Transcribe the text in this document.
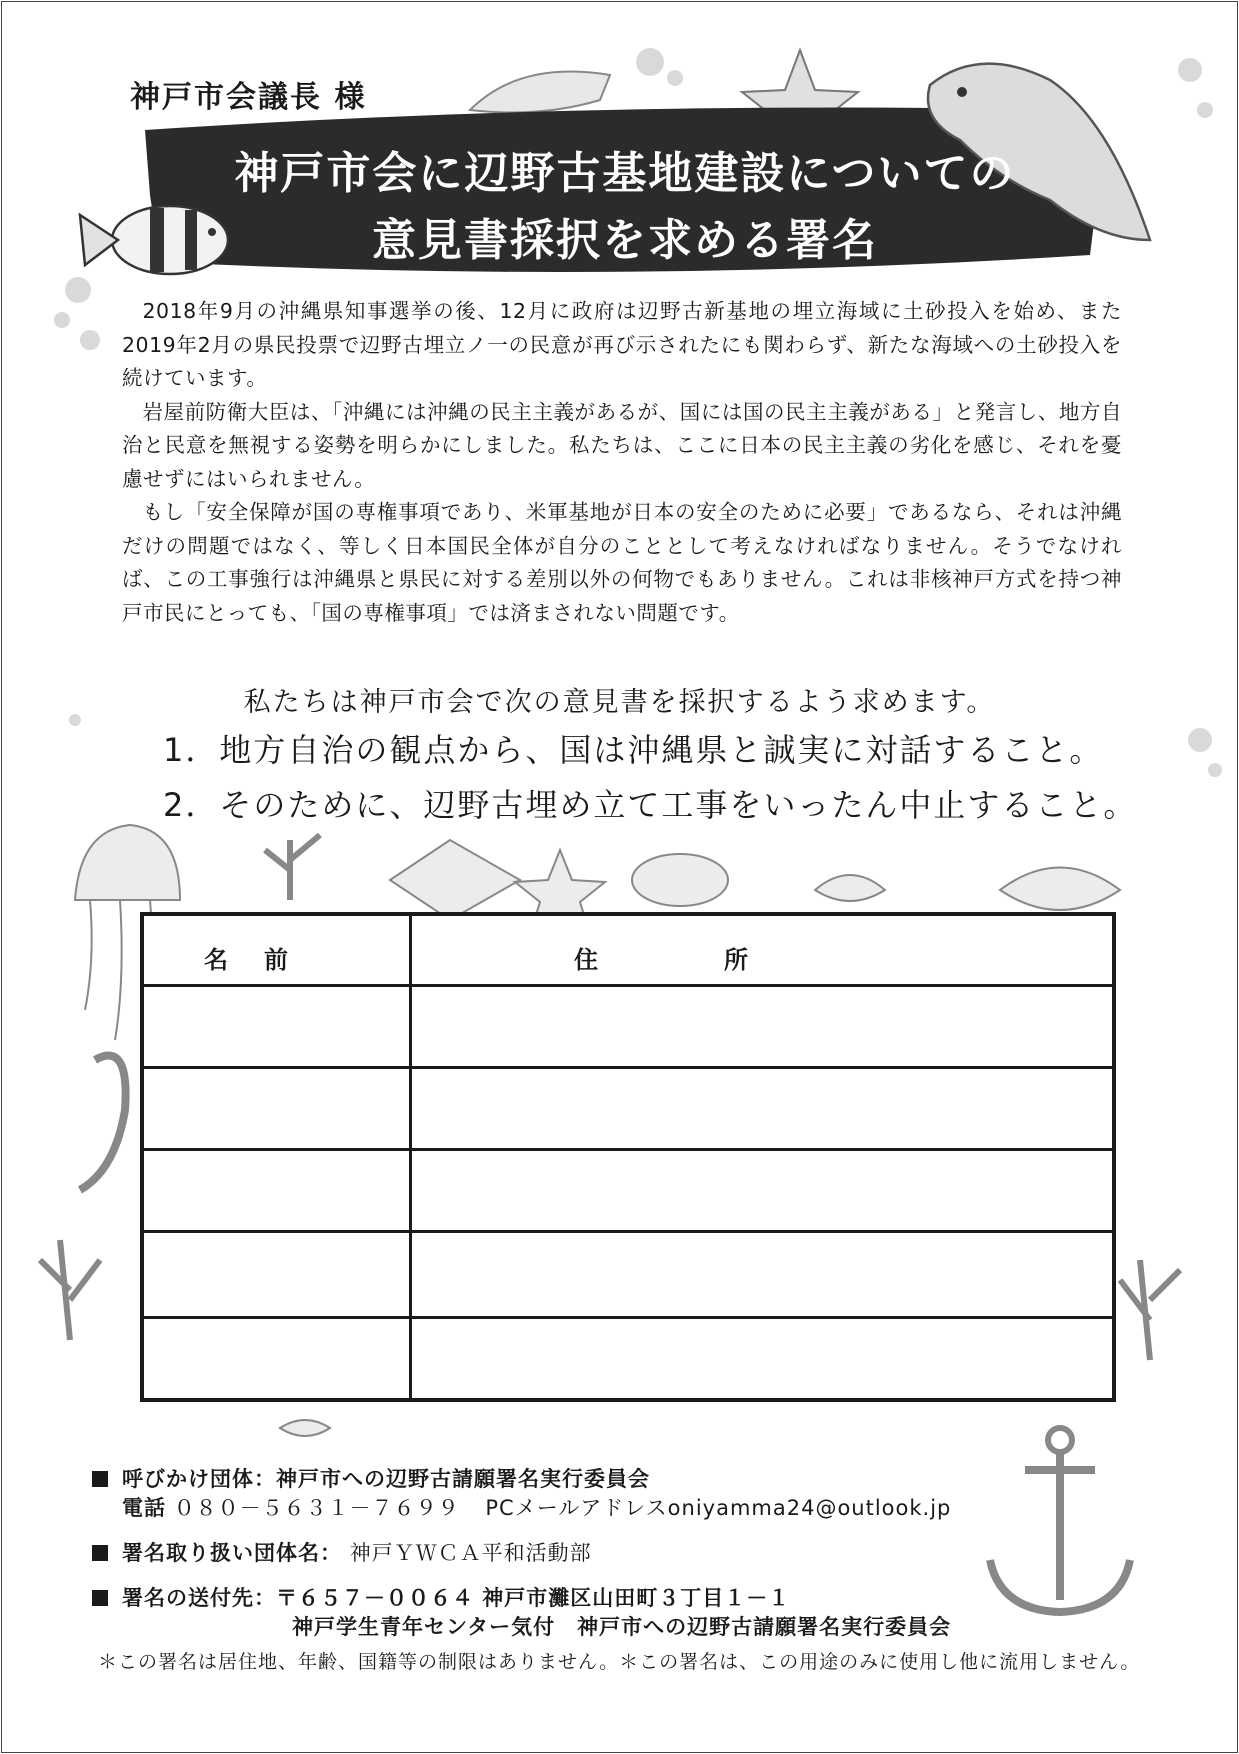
神戸市会議長 様
神戸市会に辺野古基地建設についての
意見書採択を求める署名

2018年9月の沖縄県知事選挙の後、12月に政府は辺野古新基地の埋立海域に土砂投入を始め、また2019年2月の県民投票で辺野古埋立ノ一の民意が再び示されたにも関わらず、新たな海域への土砂投入を続けています。

岩屋前防衛大臣は、「沖縄には沖縄の民主主義があるが、国には国の民主主義がある」と発言し、地方自治と民意を無視する姿勢を明らかにしました。私たちは、ここに日本の民主主義の劣化を感じ、それを憂慮せずにはいられません。

もし「安全保障が国の専権事項であり、米軍基地が日本の安全のために必要」であるなら、それは沖縄だけの問題ではなく、等しく日本国民全体が自分のこととして考えなければなりません。そうでなければ、この工事強行は沖縄県と県民に対する差別以外の何物でもありません。これは非核神戸方式を持つ神戸市民にとっても、「国の専権事項」では済まされない問題です。

私たちは神戸市会で次の意見書を採択するよう求めます。
1．地方自治の観点から、国は沖縄県と誠実に対話すること。
2．そのために、辺野古埋め立て工事をいったん中止すること。
名　前	住　　　　所
呼びかけ団体：神戸市への辺野古請願署名実行委員会
電話 ０８０－５６３１－７６９９ PCメールアドレスoniyamma24@outlook.jp
署名取り扱い団体名： 神戸ＹＷＣＡ平和活動部
署名の送付先：〒６５７－００６４ 神戸市灘区山田町３丁目１－１
神戸学生青年センター気付　神戸市への辺野古請願署名実行委員会
＊この署名は居住地、年齢、国籍等の制限はありません。＊この署名は、この用途のみに使用し他に流用しません。
